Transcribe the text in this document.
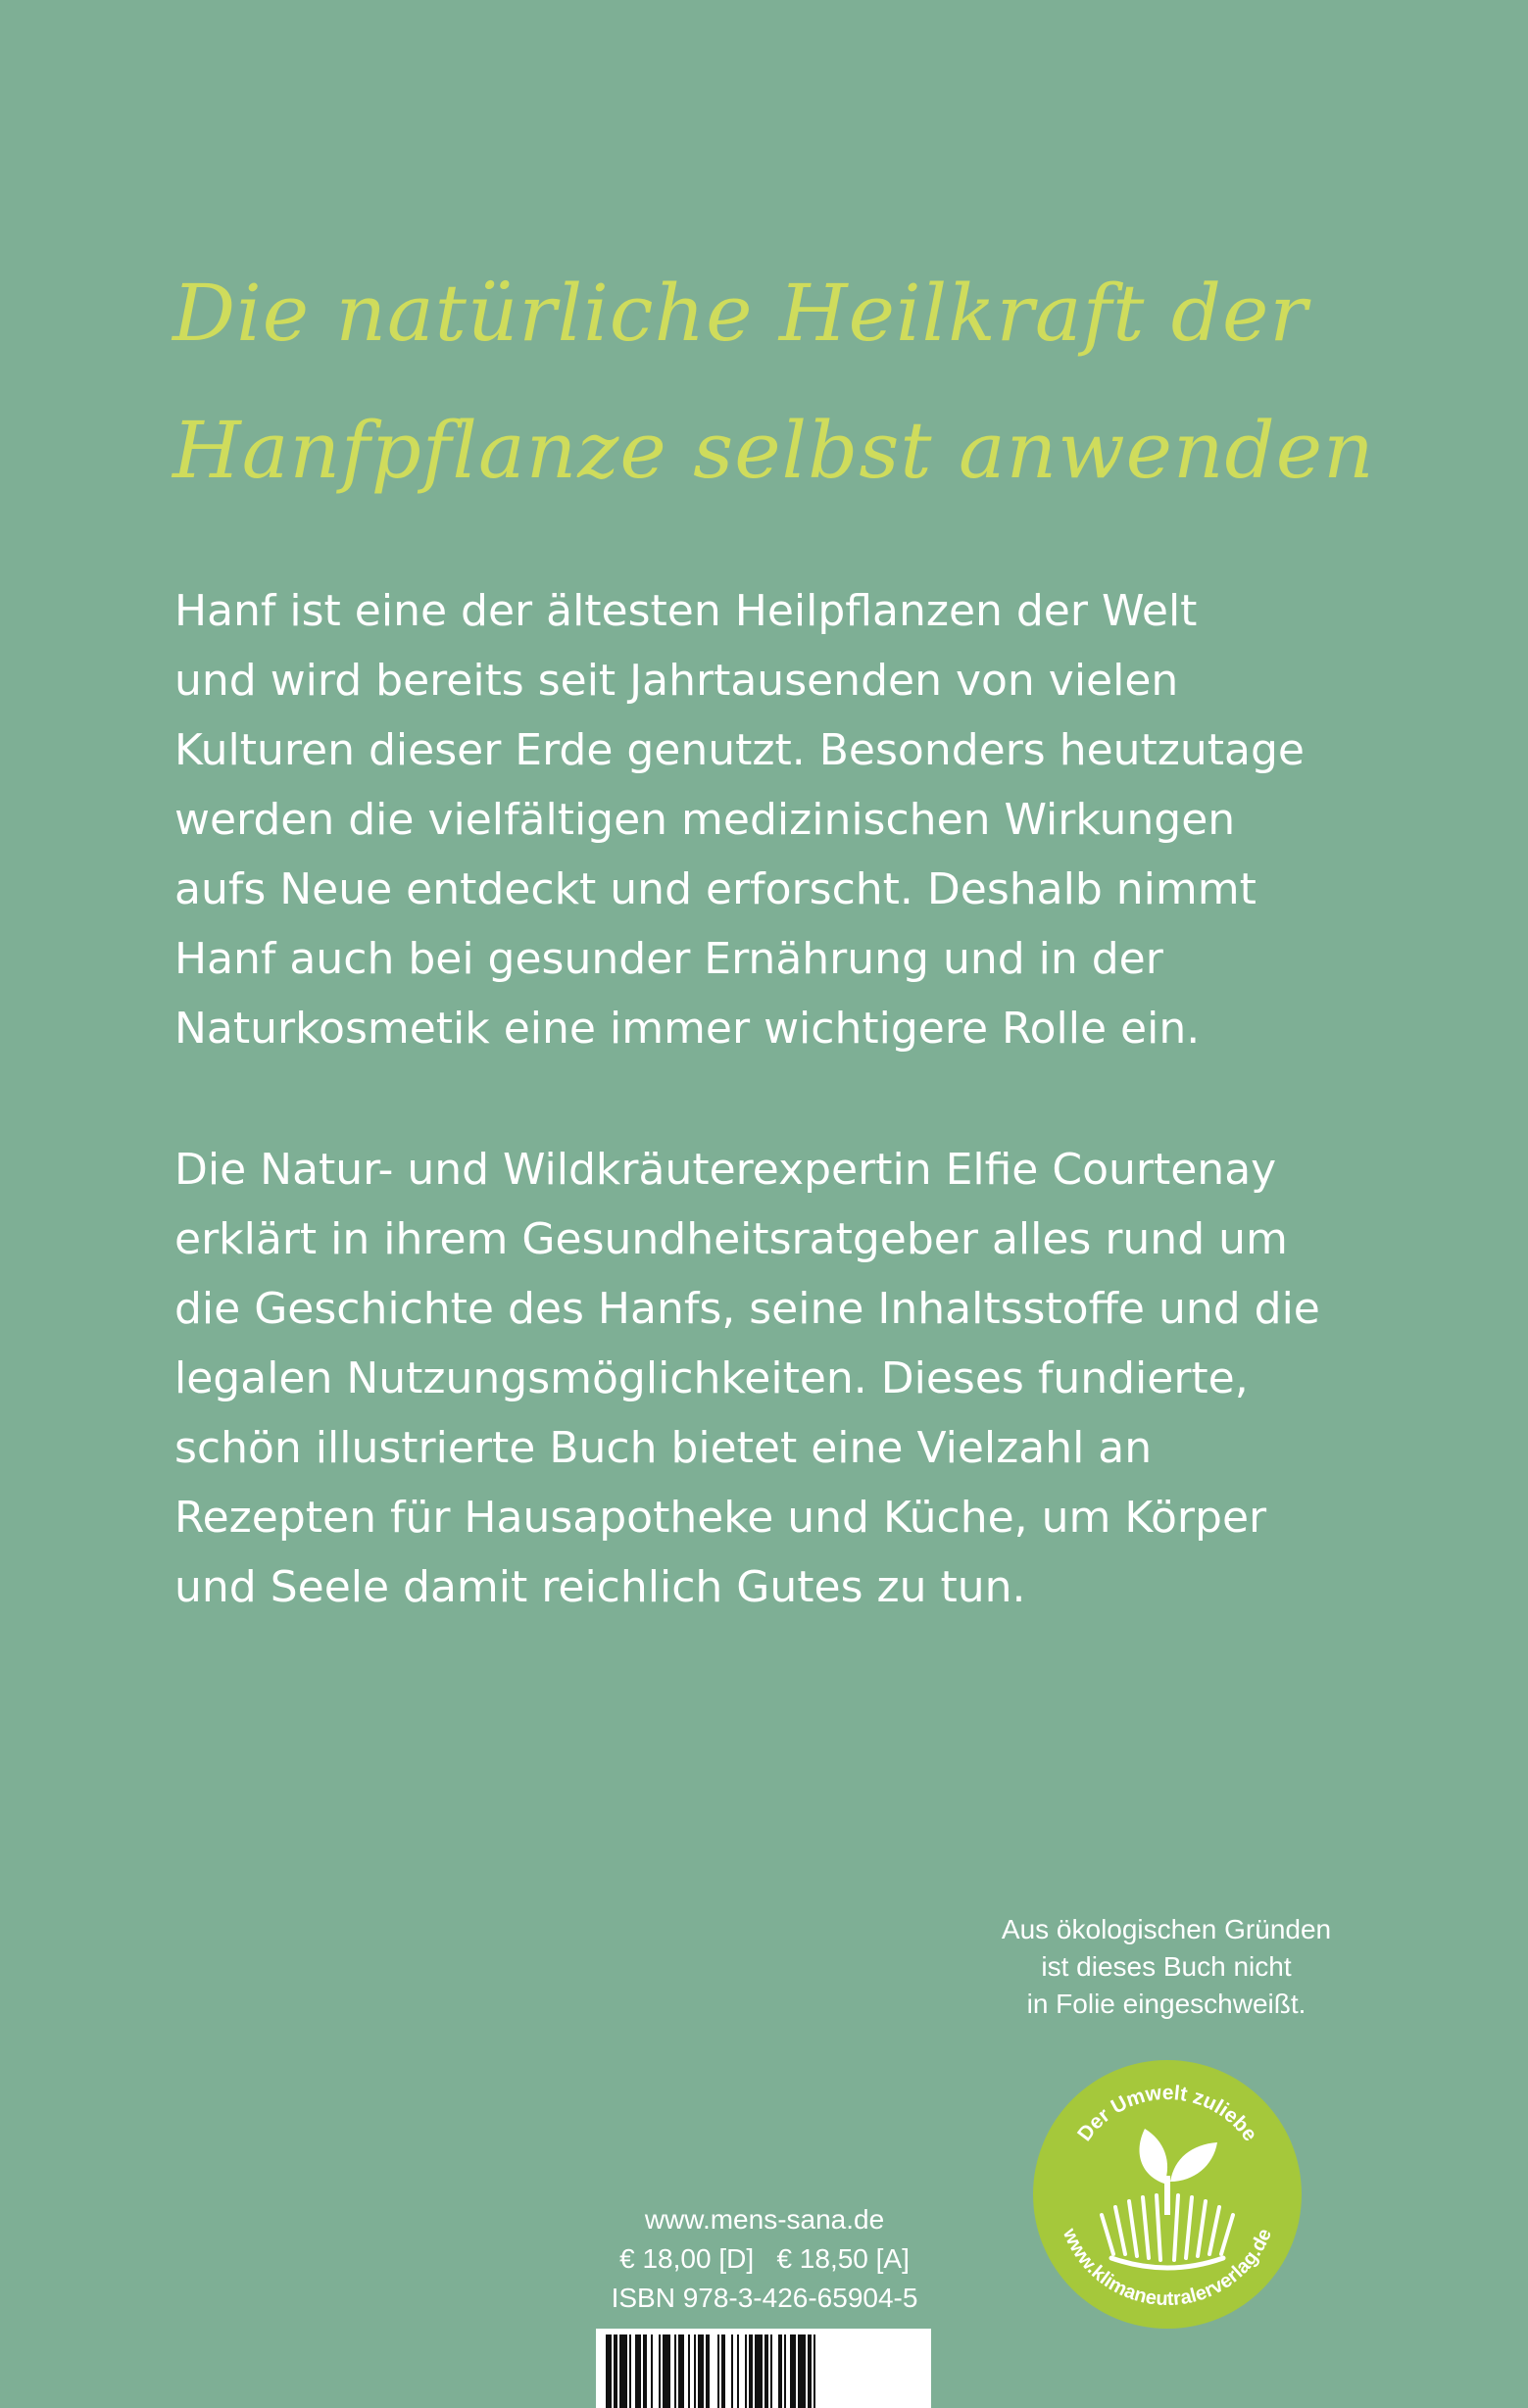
Die natürliche Heilkraft der
Hanfpflanze selbst anwenden
Hanf ist eine der ältesten Heilpflanzen der Welt
und wird bereits seit Jahrtausenden von vielen
Kulturen dieser Erde genutzt. Besonders heutzutage
werden die vielfältigen medizinischen Wirkungen
aufs Neue entdeckt und erforscht. Deshalb nimmt
Hanf auch bei gesunder Ernährung und in der
Naturkosmetik eine immer wichtigere Rolle ein.
Die Natur- und Wildkräuterexpertin Elfie Courtenay
erklärt in ihrem Gesundheitsratgeber alles rund um
die Geschichte des Hanfs, seine Inhaltsstoffe und die
legalen Nutzungsmöglichkeiten. Dieses fundierte,
schön illustrierte Buch bietet eine Vielzahl an
Rezepten für Hausapotheke und Küche, um Körper
und Seele damit reichlich Gutes zu tun.
Aus ökologischen Gründen
ist dieses Buch nicht
in Folie eingeschweißt.
Der Umwelt zuliebe
www.klimaneutralerverlag.de
www.mens-sana.de
€ 18,00 [D]   € 18,50 [A]
ISBN 978-3-426-65904-5
